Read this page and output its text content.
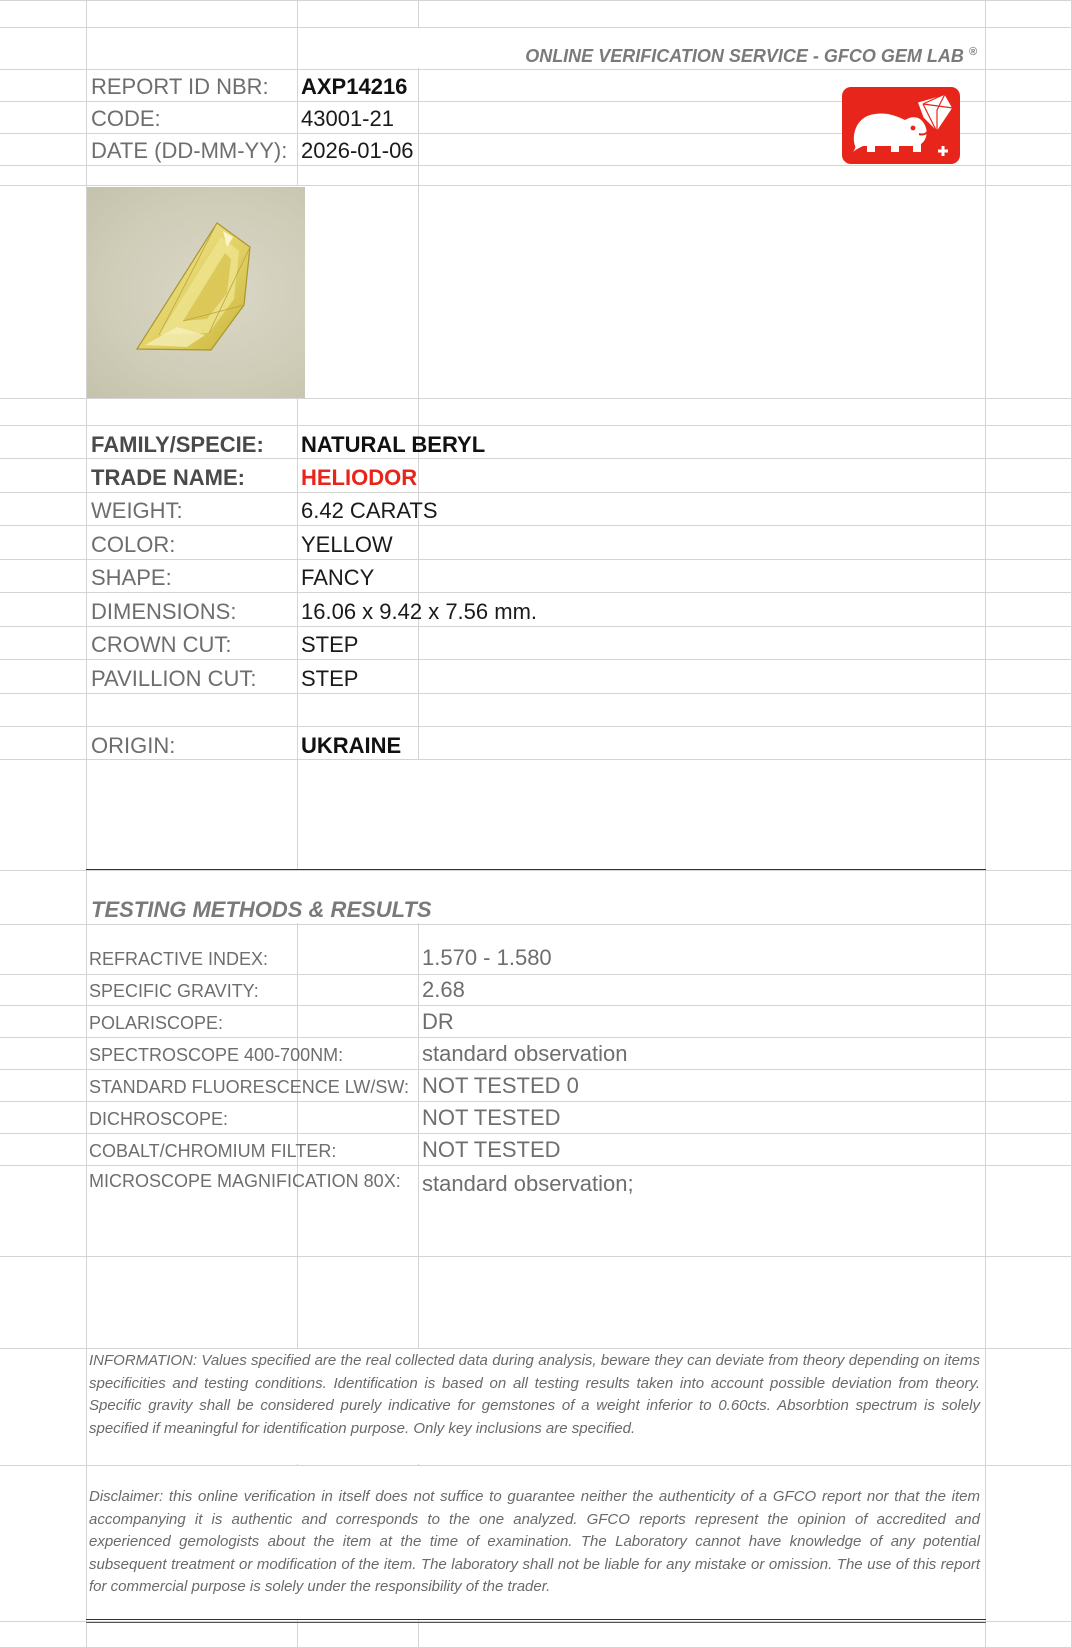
ONLINE VERIFICATION SERVICE - GFCO GEM LAB ®
REPORT ID NBR: AXP14216
CODE:	43001-21
DATE (DD-MM-YY): 2026-01-06
FAMILY/SPECIE: NATURAL BERYL
TRADE NAME:	HELIODOR
WEIGHT:	6.42 CARATS
COLOR:	YELLOW
SHAPE:	FANCY
DIMENSIONS:	16.06 x 9.42 x 7.56 mm.
CROWN CUT:	STEP
PAVILLION CUT: STEP
ORIGIN:	UKRAINE
TESTING METHODS & RESULTS
REFRACTIVE INDEX:	1.570 - 1.580
SPECIFIC GRAVITY:	2.68
POLARISCOPE:	DR
SPECTROSCOPE 400-700NM:	standard observation
STANDARD FLUORESCENCE LW/SW: NOT TESTED 0
DICHROSCOPE:	NOT TESTED
COBALT/CHROMIUM FILTER:	NOT TESTED
MICROSCOPE MAGNIFICATION 80X: standard observation;
INFORMATION: Values specified are the real collected data during analysis, beware they can deviate from theory depending on items specificities and testing conditions. Identification is based on all testing results taken into account possible deviation from theory. Specific gravity shall be considered purely indicative for gemstones of a weight inferior to 0.60cts. Absorbtion spectrum is solely specified if meaningful for identification purpose. Only key inclusions are specified.
Disclaimer: this online verification in itself does not suffice to guarantee neither the authenticity of a GFCO report nor that the item accompanying it is authentic and corresponds to the one analyzed. GFCO reports represent the opinion of accredited and experienced gemologists about the item at the time of examination. The Laboratory cannot have knowledge of any potential subsequent treatment or modification of the item. The laboratory shall not be liable for any mistake or omission. The use of this report for commercial purpose is solely under the responsibility of the trader.
